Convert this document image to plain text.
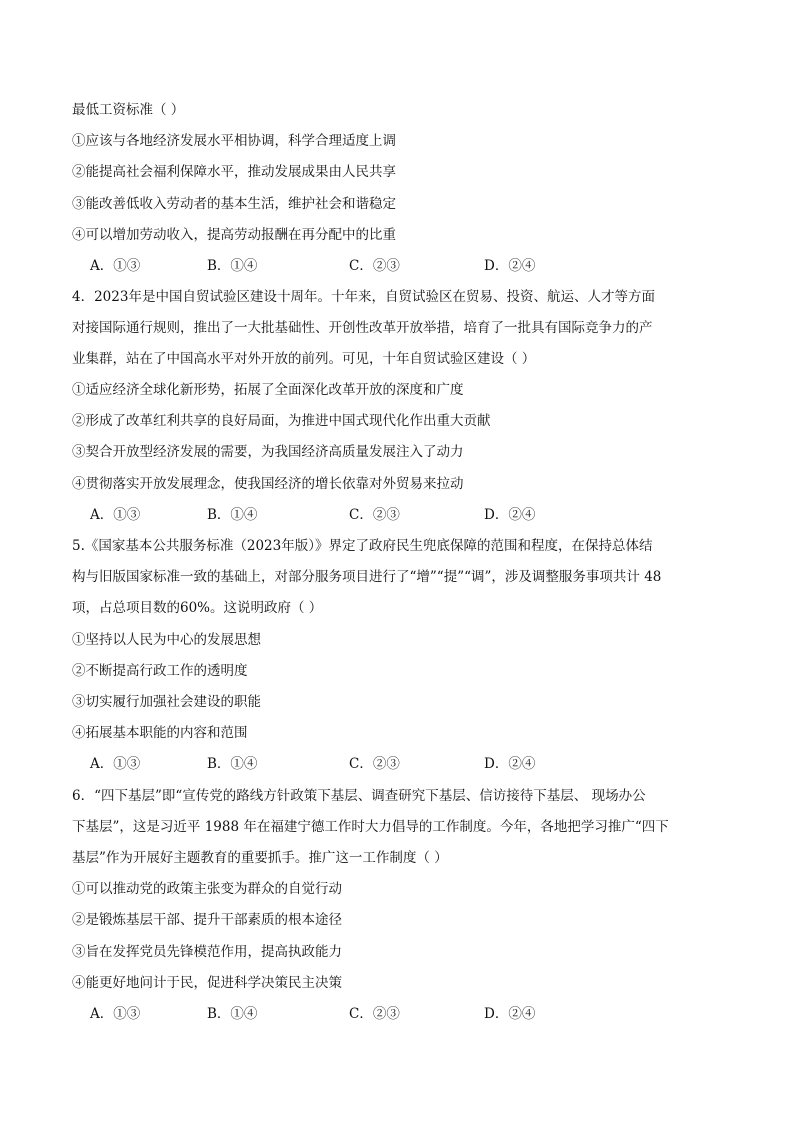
最低工资标准（ ）
①应该与各地经济发展水平相协调，科学合理适度上调
②能提高社会福利保障水平，推动发展成果由人民共享
③能改善低收入劳动者的基本生活，维护社会和谐稳定
④可以增加劳动收入，提高劳动报酬在再分配中的比重
A．①③	B．①④	C．②③	D．②④
4．2023年是中国自贸试验区建设十周年。十年来，自贸试验区在贸易、投资、航运、人才等方面
对接国际通行规则，推出了一大批基础性、开创性改革开放举措，培育了一批具有国际竞争力的产
业集群，站在了中国高水平对外开放的前列。可见，十年自贸试验区建设（ ）
①适应经济全球化新形势，拓展了全面深化改革开放的深度和广度
②形成了改革红利共享的良好局面，为推进中国式现代化作出重大贡献
③契合开放型经济发展的需要，为我国经济高质量发展注入了动力
④贯彻落实开放发展理念，使我国经济的增长依靠对外贸易来拉动
A．①③	B．①④	C．②③	D．②④
5.《国家基本公共服务标准（2023年版）》界定了政府民生兜底保障的范围和程度，在保持总体结
构与旧版国家标准一致的基础上，对部分服务项目进行了“增”“提”“调”，涉及调整服务事项共计 48
项，占总项目数的60%。这说明政府（ ）
①坚持以人民为中心的发展思想
②不断提高行政工作的透明度
③切实履行加强社会建设的职能
④拓展基本职能的内容和范围
A．①③	B．①④	C．②③	D．②④
6．“四下基层”即“宣传党的路线方针政策下基层、调查研究下基层、信访接待下基层、 现场办公
下基层”，这是习近平 1988 年在福建宁德工作时大力倡导的工作制度。今年，各地把学习推广“四下
基层”作为开展好主题教育的重要抓手。推广这一工作制度（ ）
①可以推动党的政策主张变为群众的自觉行动
②是锻炼基层干部、提升干部素质的根本途径
③旨在发挥党员先锋模范作用，提高执政能力
④能更好地问计于民，促进科学决策民主决策
A．①③	B．①④	C．②③	D．②④
